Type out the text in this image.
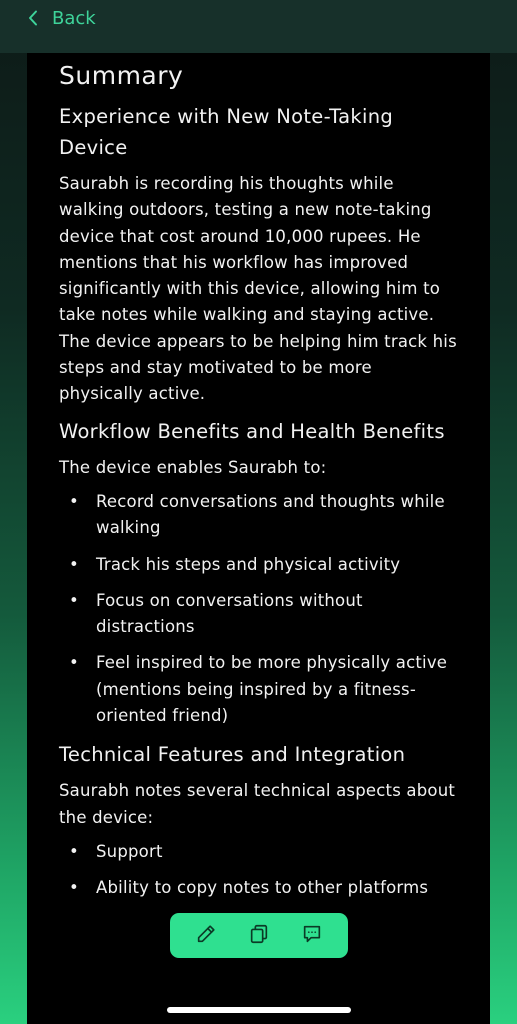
Back
Summary
Experience with New Note-Taking Device

Saurabh is recording his thoughts while walking outdoors, testing a new note-taking device that cost around 10,000 rupees. He mentions that his workflow has improved significantly with this device, allowing him to take notes while walking and staying active. The device appears to be helping him track his steps and stay motivated to be more physically active.

Workflow Benefits and Health Benefits

The device enables Saurabh to:

• Record conversations and thoughts while walking
• Track his steps and physical activity
• Focus on conversations without distractions
• Feel inspired to be more physically active (mentions being inspired by a fitness-oriented friend)
Technical Features and Integration

Saurabh notes several technical aspects about the device:

• Support
• Ability to copy notes to other platforms
